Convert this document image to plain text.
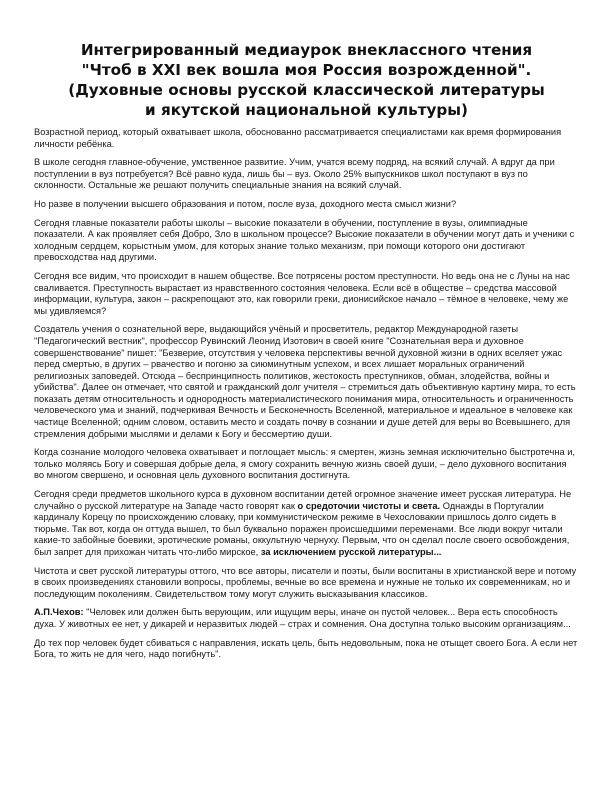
Интегрированный медиаурок внеклассного чтения
"Чтоб в XXI век вошла моя Россия возрожденной".
(Духовные основы русской классической литературы
и якутской национальной культуры)

Возрастной период, который охватывает школа, обоснованно рассматривается специалистами как время формирования личности ребёнка.

В школе сегодня главное-обучение, умственное развитие. Учим, учатся всему подряд, на всякий случай. А вдруг да при поступлении в вуз потребуется? Всё равно куда, лишь бы – вуз. Около 25% выпускников школ поступают в вуз по склонности. Остальные же решают получить специальные знания на всякий случай.

Но разве в получении высшего образования и потом, после вуза, доходного места смысл жизни?

Сегодня главные показатели работы школы – высокие показатели в обучении, поступление в вузы, олимпиадные показатели. А как проявляет себя Добро, Зло в школьном процессе? Высокие показатели в обучении могут дать и ученики с холодным сердцем, корыстным умом, для которых знание только механизм, при помощи которого они достигают превосходства над другими.

Сегодня все видим, что происходит в нашем обществе. Все потрясены ростом преступности. Но ведь она не с Луны на нас сваливается. Преступность вырастает из нравственного состояния человека. Если всё в обществе – средства массовой информации, культура, закон – раскрепощают это, как говорили греки, дионисийское начало – тёмное в человеке, чему же мы удивляемся?

Создатель учения о сознательной вере, выдающийся учёный и просветитель, редактор Международной газеты "Педагогический вестник", профессор Рувинский Леонид Изотович в своей книге "Сознательная вера и духовное совершенствование" пишет: "Безверие, отсутствия у человека перспективы вечной духовной жизни в одних вселяет ужас перед смертью, в других – рвачество и погоню за сиюминутным успехом, и всех лишает моральных ограничений религиозных заповедей. Отсюда – беспринципность политиков, жестокость преступников, обман, злодейства, войны и убийства". Далее он отмечает, что святой и гражданский долг учителя – стремиться дать объективную картину мира, то есть показать детям относительность и однородность материалистического понимания мира, относительность и ограниченность человеческого ума и знаний, подчеркивая Вечность и Бесконечность Вселенной, материальное и идеальное в человеке как частице Вселенной; одним словом, оставить место и создать почву в сознании и душе детей для веры во Всевышнего, для стремления добрыми мыслями и делами к Богу и бессмертию души.

Когда сознание молодого человека охватывает и поглощает мысль: я смертен, жизнь земная исключительно быстротечна и, только моляясь Богу и совершая добрые дела, я смогу сохранить вечную жизнь своей души, – дело духовного воспитания во многом свершено, и основная цель духовного воспитания достигнута.

Сегодня среди предметов школьного курса в духовном воспитании детей огромное значение имеет русская литература. Не случайно о русской литературе на Западе часто говорят как о средоточии чистоты и света. Однажды в Португалии кардиналу Корецу по происхождению словаку, при коммунистическом режиме в Чехословакии пришлось долго сидеть в тюрьме. Так вот, когда он оттуда вышел, то был буквально поражен происшедшими переменами. Все люди вокруг читали какие-то забойные боевики, эротические романы, оккультную чернуху. Первым, что он сделал после своего освобождения, был запрет для прихожан читать что-либо мирское, за исключением русской литературы...

Чистота и свет русской литературы оттого, что все авторы, писатели и поэты, были воспитаны в христианской вере и потому в своих произведениях становили вопросы, проблемы, вечные во все времена и нужные не только их современникам, но и последующим поколениям. Свидетельством тому могут служить высказывания классиков.

А.П.Чехов: "Человек или должен быть верующим, или ищущим веры, иначе он пустой человек... Вера есть способность духа. У животных ее нет, у дикарей и неразвитых людей – страх и сомнения. Она доступна только высоким организациям...

До тех пор человек будет сбиваться с направления, искать цель, быть недовольным, пока не отыщет своего Бога. А если нет Бога, то жить не для чего, надо погибнуть".
